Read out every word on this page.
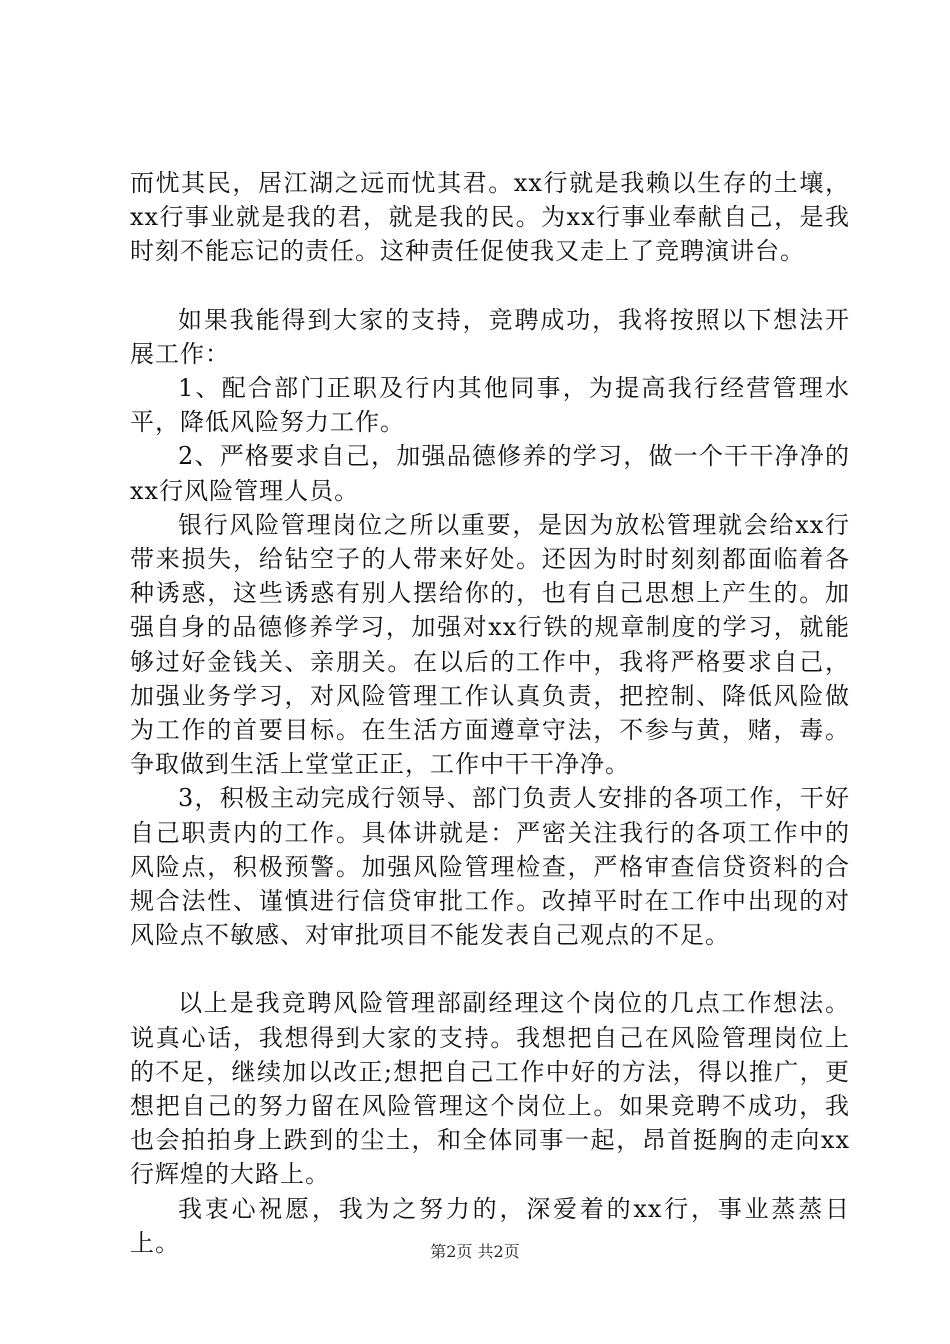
而忧其民，居江湖之远而忧其君。xx行就是我赖以生存的土壤，xx行事业就是我的君，就是我的民。为xx行事业奉献自己，是我时刻不能忘记的责任。这种责任促使我又走上了竞聘演讲台。

如果我能得到大家的支持，竞聘成功，我将按照以下想法开展工作：

1、配合部门正职及行内其他同事，为提高我行经营管理水平，降低风险努力工作。

2、严格要求自己，加强品德修养的学习，做一个干干净净的xx行风险管理人员。

银行风险管理岗位之所以重要，是因为放松管理就会给xx行带来损失，给钻空子的人带来好处。还因为时时刻刻都面临着各种诱惑，这些诱惑有别人摆给你的，也有自己思想上产生的。加强自身的品德修养学习，加强对xx行铁的规章制度的学习，就能够过好金钱关、亲朋关。在以后的工作中，我将严格要求自己，加强业务学习，对风险管理工作认真负责，把控制、降低风险做为工作的首要目标。在生活方面遵章守法，不参与黄，赌，毒。争取做到生活上堂堂正正，工作中干干净净。

3，积极主动完成行领导、部门负责人安排的各项工作，干好自己职责内的工作。具体讲就是：严密关注我行的各项工作中的风险点，积极预警。加强风险管理检查，严格审查信贷资料的合规合法性、谨慎进行信贷审批工作。改掉平时在工作中出现的对风险点不敏感、对审批项目不能发表自己观点的不足。

以上是我竞聘风险管理部副经理这个岗位的几点工作想法。说真心话，我想得到大家的支持。我想把自己在风险管理岗位上的不足，继续加以改正;想把自己工作中好的方法，得以推广，更想把自己的努力留在风险管理这个岗位上。如果竞聘不成功，我也会拍拍身上跌到的尘土，和全体同事一起，昂首挺胸的走向xx行辉煌的大路上。

我衷心祝愿，我为之努力的，深爱着的xx行，事业蒸蒸日上。	第2页 共2页
